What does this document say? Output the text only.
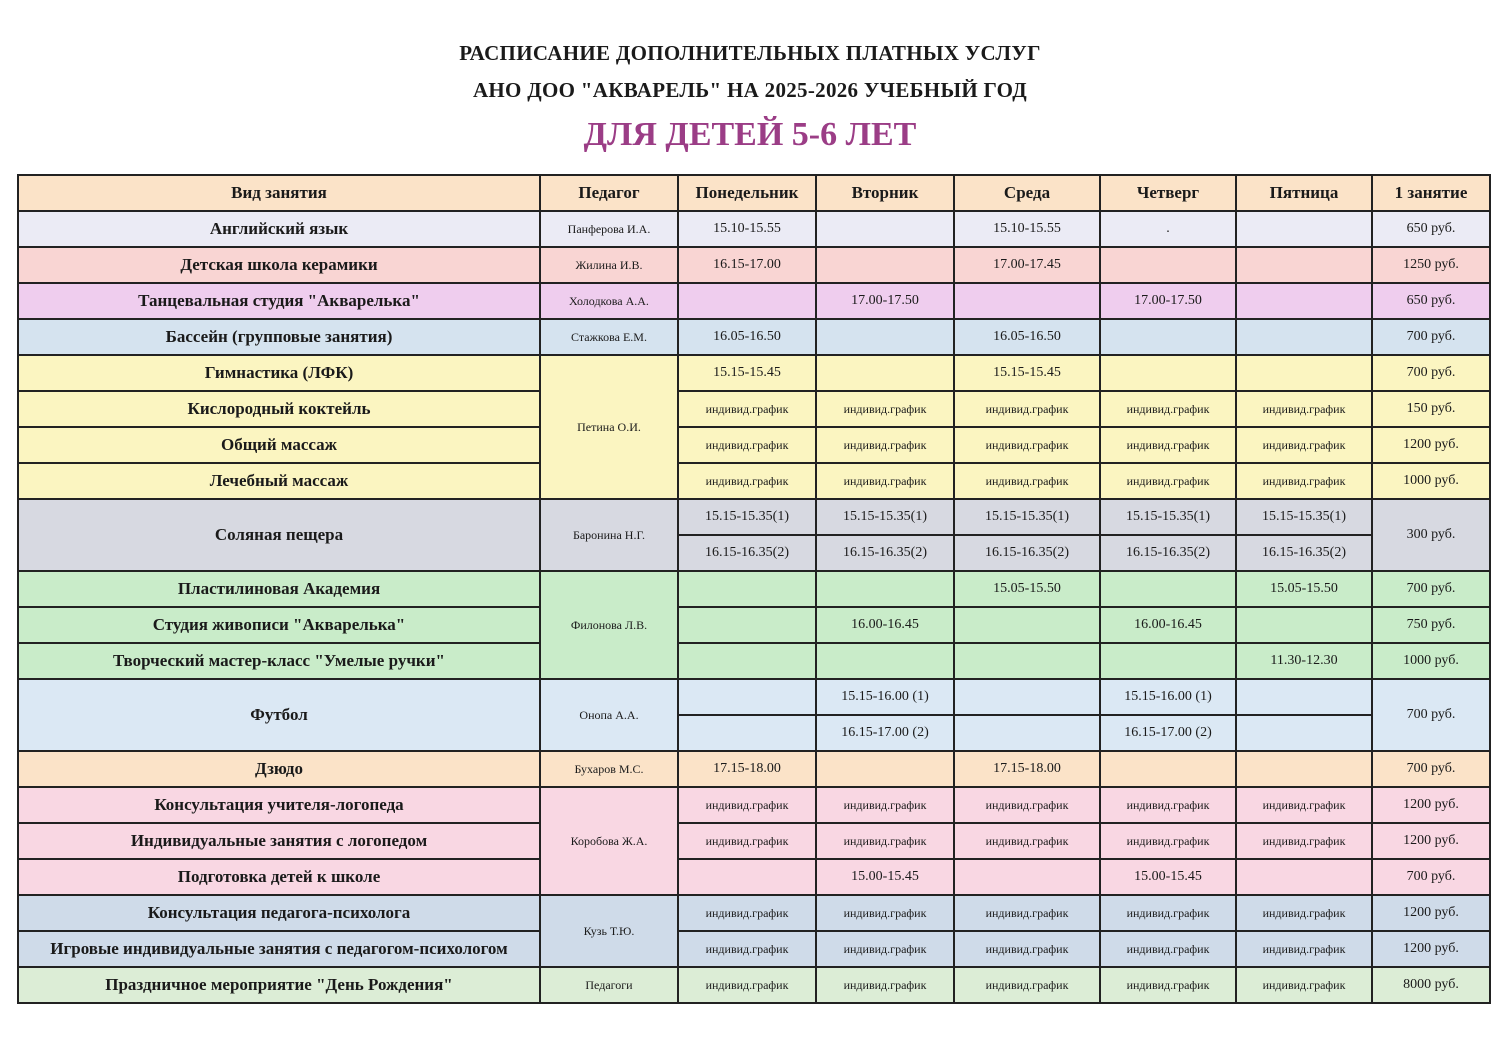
РАСПИСАНИЕ ДОПОЛНИТЕЛЬНЫХ ПЛАТНЫХ УСЛУГ
АНО ДОО "АКВАРЕЛЬ" НА 2025-2026 УЧЕБНЫЙ ГОД
ДЛЯ ДЕТЕЙ 5-6 ЛЕТ
Вид занятия	Педагог	Понедельник	Вторник	Среда	Четверг	Пятница	1 занятие
Английский язык	Панферова И.А.	15.10-15.55		15.10-15.55	.		650 руб.
Детская школа керамики	Жилина И.В.	16.15-17.00		17.00-17.45			1250 руб.
Танцевальная студия "Акварелька"	Холодкова А.А.		17.00-17.50		17.00-17.50		650 руб.
Бассейн (групповые занятия)	Стажкова Е.М.	16.05-16.50		16.05-16.50			700 руб.
Гимнастика (ЛФК)	Петина О.И.	15.15-15.45		15.15-15.45			700 руб.
Кислородный коктейль		индивид.график	индивид.график	индивид.график	индивид.график	индивид.график	150 руб.
Общий массаж		индивид.график	индивид.график	индивид.график	индивид.график	индивид.график	1200 руб.
Лечебный массаж		индивид.график	индивид.график	индивид.график	индивид.график	индивид.график	1000 руб.
Соляная пещера	Баронина Н.Г.	15.15-15.35(1)	15.15-15.35(1)	15.15-15.35(1)	15.15-15.35(1)	15.15-15.35(1)	300 руб.
		16.15-16.35(2)	16.15-16.35(2)	16.15-16.35(2)	16.15-16.35(2)	16.15-16.35(2)	
Пластилиновая Академия	Филонова Л.В.			15.05-15.50		15.05-15.50	700 руб.
Студия живописи "Акварелька"			16.00-16.45		16.00-16.45		750 руб.
Творческий мастер-класс "Умелые ручки"						11.30-12.30	1000 руб.
Футбол	Онопа А.А.		15.15-16.00 (1)		15.15-16.00 (1)		700 руб.
			16.15-17.00 (2)		16.15-17.00 (2)		
Дзюдо	Бухаров М.С.	17.15-18.00		17.15-18.00			700 руб.
Консультация учителя-логопеда	Коробова Ж.А.	индивид.график	индивид.график	индивид.график	индивид.график	индивид.график	1200 руб.
Индивидуальные занятия с логопедом		индивид.график	индивид.график	индивид.график	индивид.график	индивид.график	1200 руб.
Подготовка детей к школе			15.00-15.45		15.00-15.45		700 руб.
Консультация педагога-психолога	Кузь Т.Ю.	индивид.график	индивид.график	индивид.график	индивид.график	индивид.график	1200 руб.
Игровые индивидуальные занятия с педагогом-психологом		индивид.график	индивид.график	индивид.график	индивид.график	индивид.график	1200 руб.
Праздничное мероприятие "День Рождения"	Педагоги	индивид.график	индивид.график	индивид.график	индивид.график	индивид.график	8000 руб.
